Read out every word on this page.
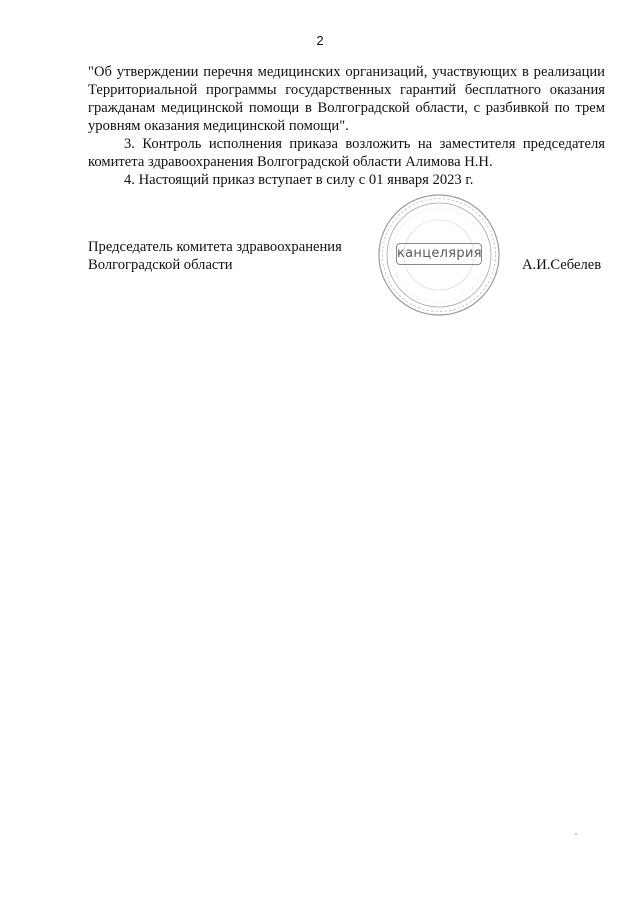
2

"Об утверждении перечня медицинских организаций, участвующих в реализации Территориальной программы государственных гарантий бесплатного оказания гражданам медицинской помощи в Волгоградской области, с разбивкой по трем уровням оказания медицинской помощи".

3. Контроль исполнения приказа возложить на заместителя председателя комитета здравоохранения Волгоградской области Алимова Н.Н.

4. Настоящий приказ вступает в силу с 01 января 2023 г.

Председатель комитета здравоохранения
Волгоградской области
канцелярия
А.И.Себелев
